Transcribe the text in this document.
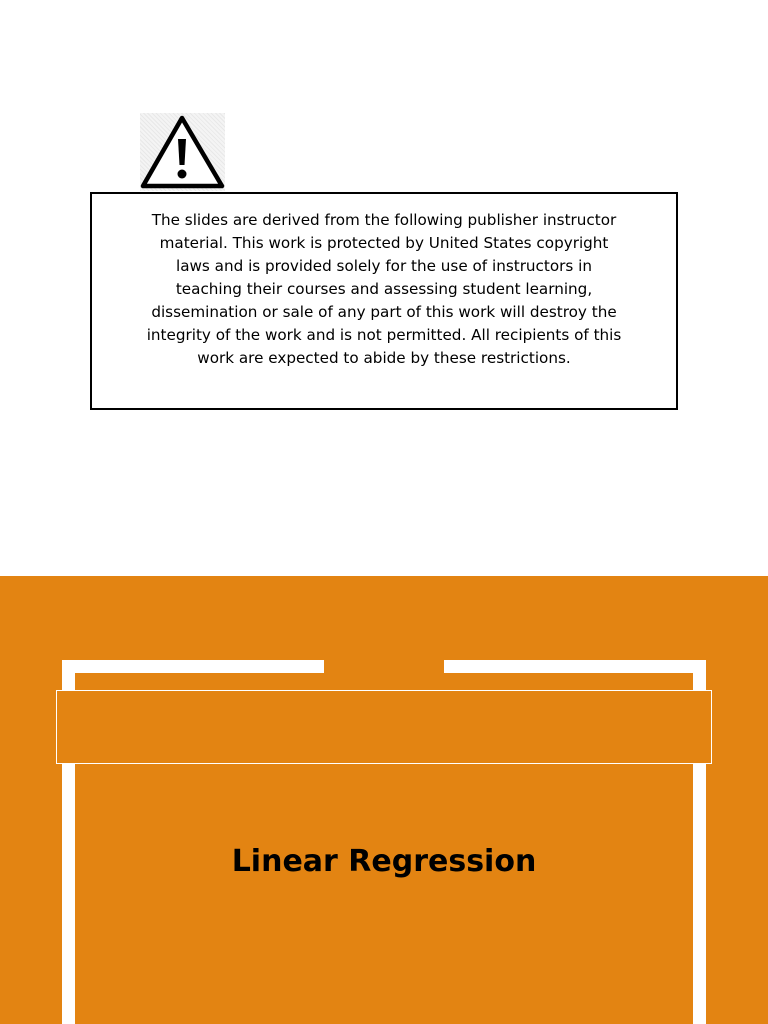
The slides are derived from the following publisher instructor material. This work is protected by United States copyright laws and is provided solely for the use of instructors in teaching their courses and assessing student learning, dissemination or sale of any part of this work will destroy the integrity of the work and is not permitted. All recipients of this work are expected to abide by these restrictions.

Linear Regression
